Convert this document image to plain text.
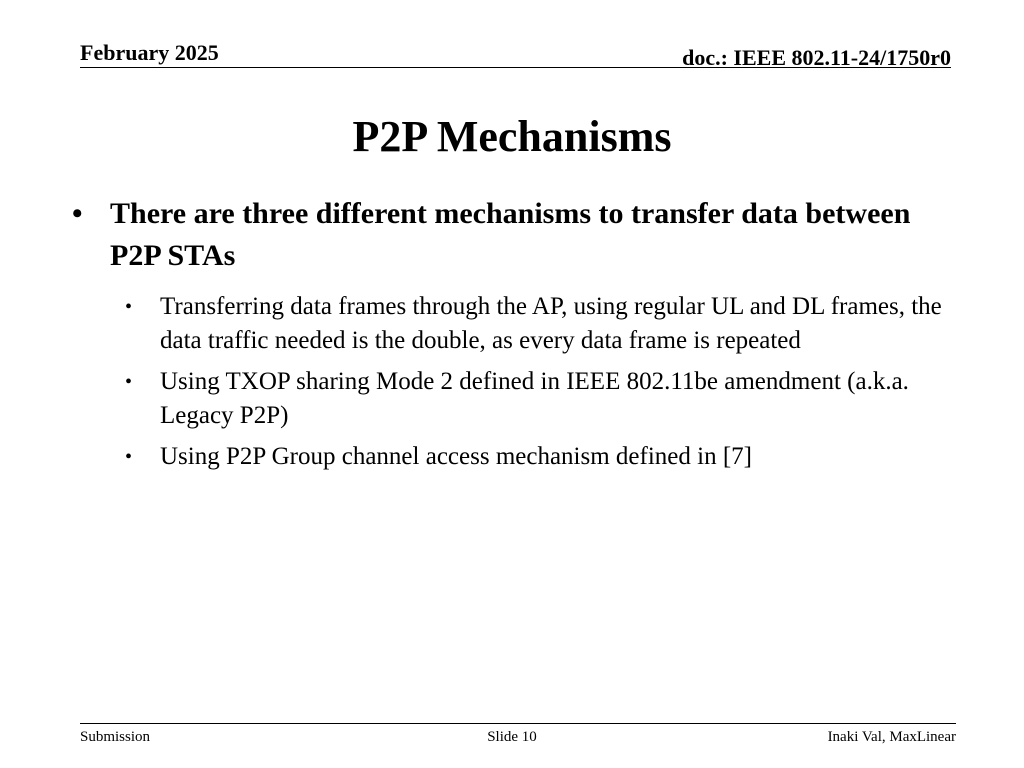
February 2025	doc.: IEEE 802.11-24/1750r0
P2P Mechanisms

• There are three different mechanisms to transfer data between P2P STAs

• Transferring data frames through the AP, using regular UL and DL frames, the data traffic needed is the double, as every data frame is repeated

• Using TXOP sharing Mode 2 defined in IEEE 802.11be amendment (a.k.a. Legacy P2P)

• Using P2P Group channel access mechanism defined in [7]

Submission	Slide 10	Inaki Val, MaxLinear
